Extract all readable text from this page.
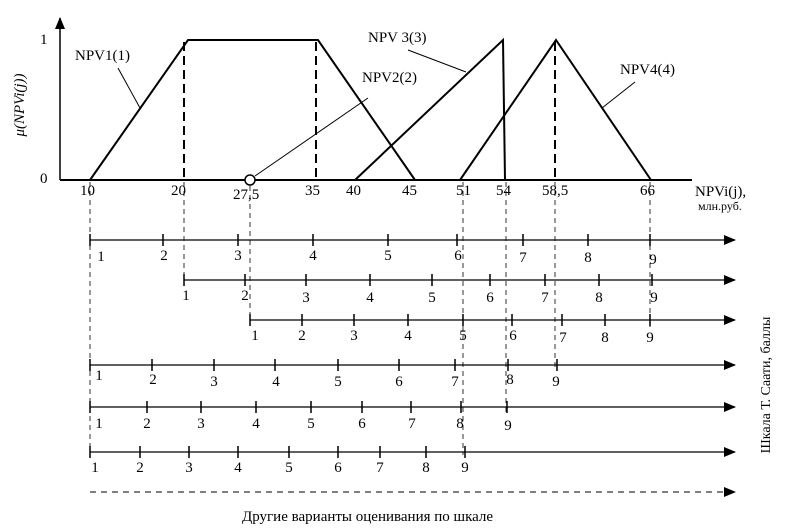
μ(NPVi(j))
1
0
NPVi(j),
млн.руб.
10	20	27,5	35 40	45	51 54 58,5	66
NPV1(1)
NPV2(2)
NPV 3(3)
NPV4(4)
1	2	3	4	5	6	7	8	9
1	2	3	4	5	6	7	8	9
1	2	3	4	5	6	7 8	9
1	2	3	4	5	6	7	8	9
1	2	3	4	5	6	7	8	9
1	2	3	4	5	6 7	8 9
Шкала Т. Саати, баллы
Другие варианты оценивания по шкале
